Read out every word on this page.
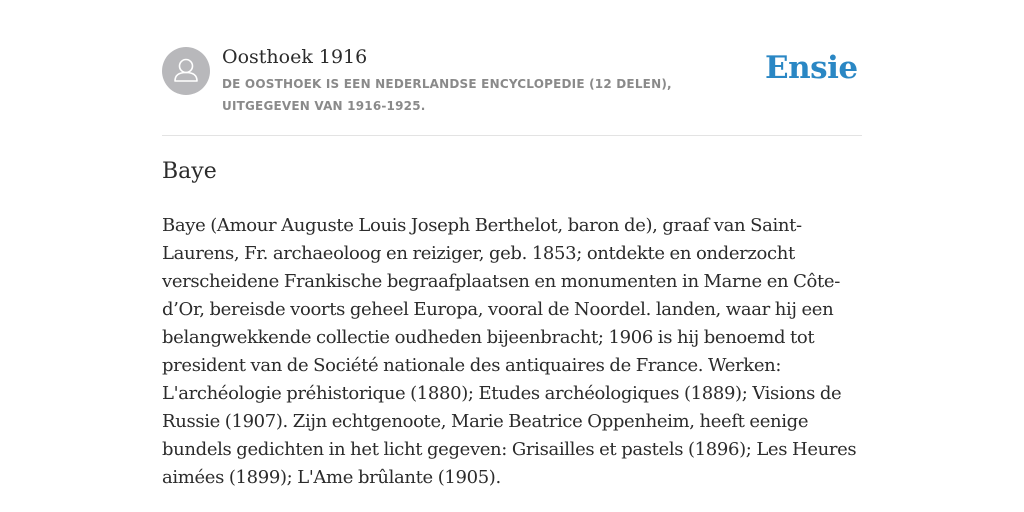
Oosthoek 1916
DE OOSTHOEK IS EEN NEDERLANDSE ENCYCLOPEDIE (12 DELEN), UITGEGEVEN VAN 1916-1925.
Ensie
Baye

Baye (Amour Auguste Louis Joseph Berthelot, baron de), graaf van Saint-Laurens, Fr. archaeoloog en reiziger, geb. 1853; ontdekte en onderzocht verscheidene Frankische begraafplaatsen en monumenten in Marne en Côte-d’Or, bereisde voorts geheel Europa, vooral de Noordel. landen, waar hij een belangwekkende collectie oudheden bijeenbracht; 1906 is hij benoemd tot president van de Société nationale des antiquaires de France. Werken: L'archéologie préhistorique (1880); Etudes archéologiques (1889); Visions de Russie (1907). Zijn echtgenoote, Marie Beatrice Oppenheim, heeft eenige bundels gedichten in het licht gegeven: Grisailles et pastels (1896); Les Heures aimées (1899); L'Ame brûlante (1905).
